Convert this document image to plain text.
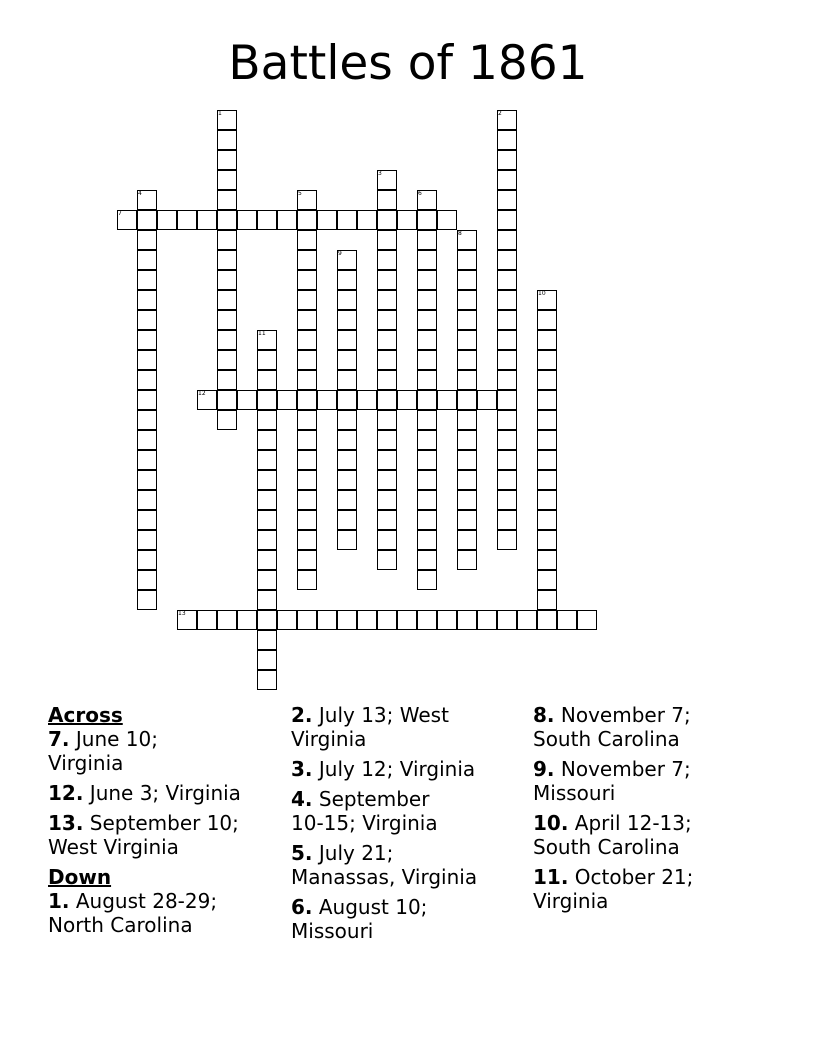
Battles of 1861
7
12
13
1	2
3
4	5	6
8
9
10
11
Across
7. June 10;
Virginia
12. June 3; Virginia
13. September 10;
West Virginia
Down
1. August 28-29;
North Carolina
2. July 13; West
Virginia
3. July 12; Virginia
4. September
10-15; Virginia
5. July 21;
Manassas, Virginia
6. August 10;
Missouri
8. November 7;
South Carolina
9. November 7;
Missouri
10. April 12-13;
South Carolina
11. October 21;
Virginia
